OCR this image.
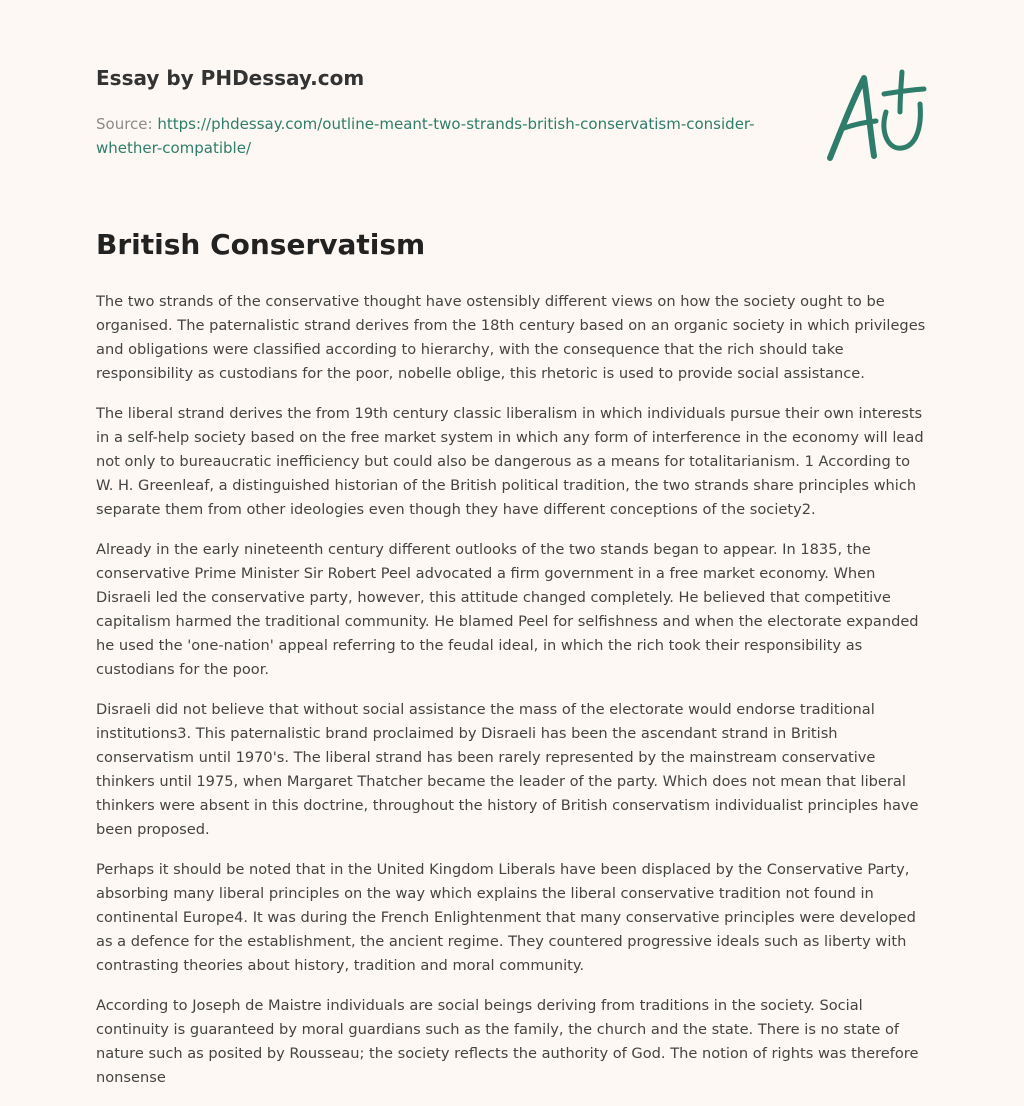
Essay by PHDessay.com
Source: https://phdessay.com/outline-meant-two-strands-british-conservatism-consider-whether-compatible/
British Conservatism

The two strands of the conservative thought have ostensibly different views on how the society ought to be organised. The paternalistic strand derives from the 18th century based on an organic society in which privileges and obligations were classified according to hierarchy, with the consequence that the rich should take responsibility as custodians for the poor, nobelle oblige, this rhetoric is used to provide social assistance.

The liberal strand derives the from 19th century classic liberalism in which individuals pursue their own interests in a self-help society based on the free market system in which any form of interference in the economy will lead not only to bureaucratic inefficiency but could also be dangerous as a means for totalitarianism. 1 According to W. H. Greenleaf, a distinguished historian of the British political tradition, the two strands share principles which separate them from other ideologies even though they have different conceptions of the society2.

Already in the early nineteenth century different outlooks of the two stands began to appear. In 1835, the conservative Prime Minister Sir Robert Peel advocated a firm government in a free market economy. When Disraeli led the conservative party, however, this attitude changed completely. He believed that competitive capitalism harmed the traditional community. He blamed Peel for selfishness and when the electorate expanded he used the 'one-nation' appeal referring to the feudal ideal, in which the rich took their responsibility as custodians for the poor.

Disraeli did not believe that without social assistance the mass of the electorate would endorse traditional institutions3. This paternalistic brand proclaimed by Disraeli has been the ascendant strand in British conservatism until 1970's. The liberal strand has been rarely represented by the mainstream conservative thinkers until 1975, when Margaret Thatcher became the leader of the party. Which does not mean that liberal thinkers were absent in this doctrine, throughout the history of British conservatism individualist principles have been proposed.

Perhaps it should be noted that in the United Kingdom Liberals have been displaced by the Conservative Party, absorbing many liberal principles on the way which explains the liberal conservative tradition not found in continental Europe4. It was during the French Enlightenment that many conservative principles were developed as a defence for the establishment, the ancient regime. They countered progressive ideals such as liberty with contrasting theories about history, tradition and moral community.

According to Joseph de Maistre individuals are social beings deriving from traditions in the society. Social continuity is guaranteed by moral guardians such as the family, the church and the state. There is no state of nature such as posited by Rousseau; the society reflects the authority of God. The notion of rights was therefore nonsense
